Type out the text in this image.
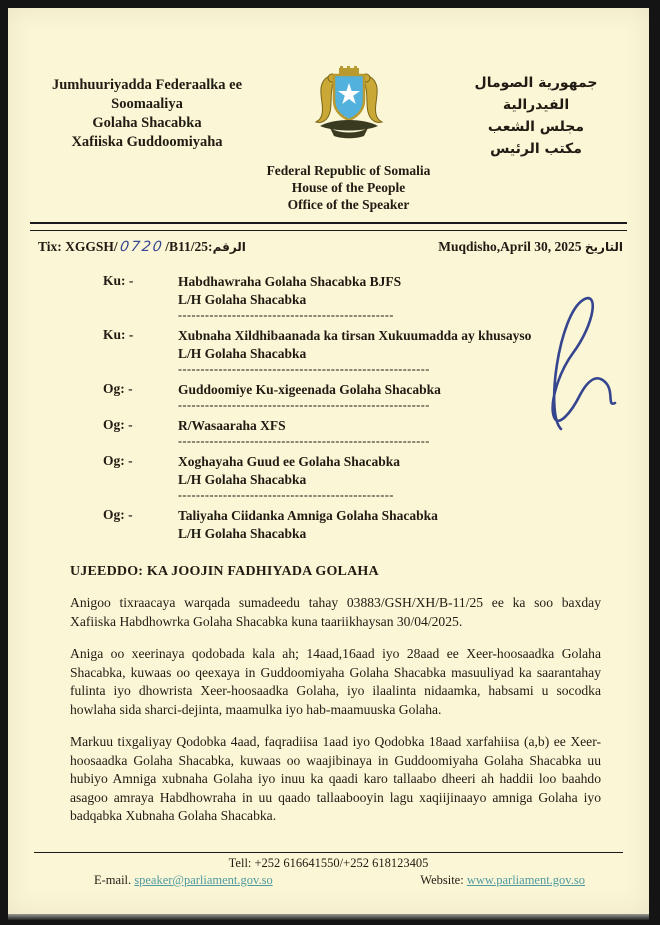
Jumhuuriyadda Federaalka ee Soomaaliya
Golaha Shacabka
Xafiiska Guddoomiyaha
جمهورية الصومال الفيدرالية
مجلس الشعب
مكتب الرئيس
Federal Republic of Somalia
House of the People
Office of the Speaker
Tix: XGGSH/0720/B11/25:الرقم	Muqdisho,April 30, 2025 التاريخ
Ku: -	Habdhawraha Golaha Shacabka BJFS
L/H Golaha Shacabka
------------------------------------------------
Ku: -	Xubnaha Xildhibaanada ka tirsan Xukuumadda ay khusayso
L/H Golaha Shacabka
--------------------------------------------------------
Og: -	Guddoomiye Ku-xigeenada Golaha Shacabka
--------------------------------------------------------
Og: -	R/Wasaaraha XFS
--------------------------------------------------------
Og: -	Xoghayaha Guud ee Golaha Shacabka
L/H Golaha Shacabka
------------------------------------------------
Og: -	Taliyaha Ciidanka Amniga Golaha Shacabka
L/H Golaha Shacabka
UJEEDDO: KA JOOJIN FADHIYADA GOLAHA

Anigoo tixraacaya warqada sumadeedu tahay 03883/GSH/XH/B-11/25 ee ka soo baxday Xafiiska Habdhowrka Golaha Shacabka kuna taariikhaysan 30/04/2025.

Aniga oo xeerinaya qodobada kala ah; 14aad,16aad iyo 28aad ee Xeer-hoosaadka Golaha Shacabka, kuwaas oo qeexaya in Guddoomiyaha Golaha Shacabka masuuliyad ka saarantahay fulinta iyo dhowrista Xeer-hoosaadka Golaha, iyo ilaalinta nidaamka, habsami u socodka howlaha sida sharci-dejinta, maamulka iyo hab-maamuuska Golaha.

Markuu tixgaliyay Qodobka 4aad, faqradiisa 1aad iyo Qodobka 18aad xarfahiisa (a,b) ee Xeer-hoosaadka Golaha Shacabka, kuwaas oo waajibinaya in Guddoomiyaha Golaha Shacabka uu hubiyo Amniga xubnaha Golaha iyo inuu ka qaadi karo tallaabo dheeri ah haddii loo baahdo asagoo amraya Habdhowraha in uu qaado tallaabooyin lagu xaqiijinaayo amniga Golaha iyo badqabka Xubnaha Golaha Shacabka.

Tell: +252 616641550/+252 618123405
E-mail. speaker@parliament.gov.so	Website: www.parliament.gov.so
